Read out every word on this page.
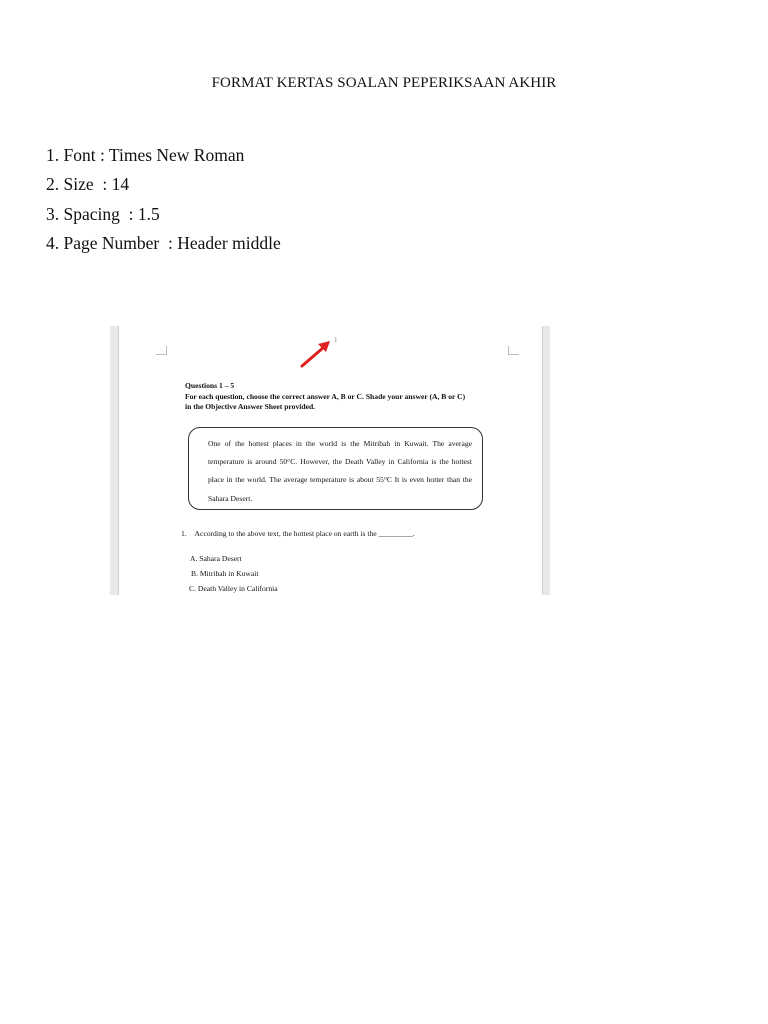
FORMAT KERTAS SOALAN PEPERIKSAAN AKHIR
1. Font : Times New Roman
2. Size  : 14
3. Spacing  : 1.5
4. Page Number  : Header middle
1
Questions 1 – 5
For each question, choose the correct answer A, B or C. Shade your answer (A, B or C)
in the Objective Answer Sheet provided.
One of the hottest places in the world is the Mitribah in Kuwait. The average temperature is around 50°C. However, the Death Valley in California is the hottest place in the world. The average temperature is about 55°C It is even hotter than the Sahara Desert.
1. According to the above text, the hottest place on earth is the _________.
A. Sahara Desert
B. Mitribah in Kuwait
C. Death Valley in California
